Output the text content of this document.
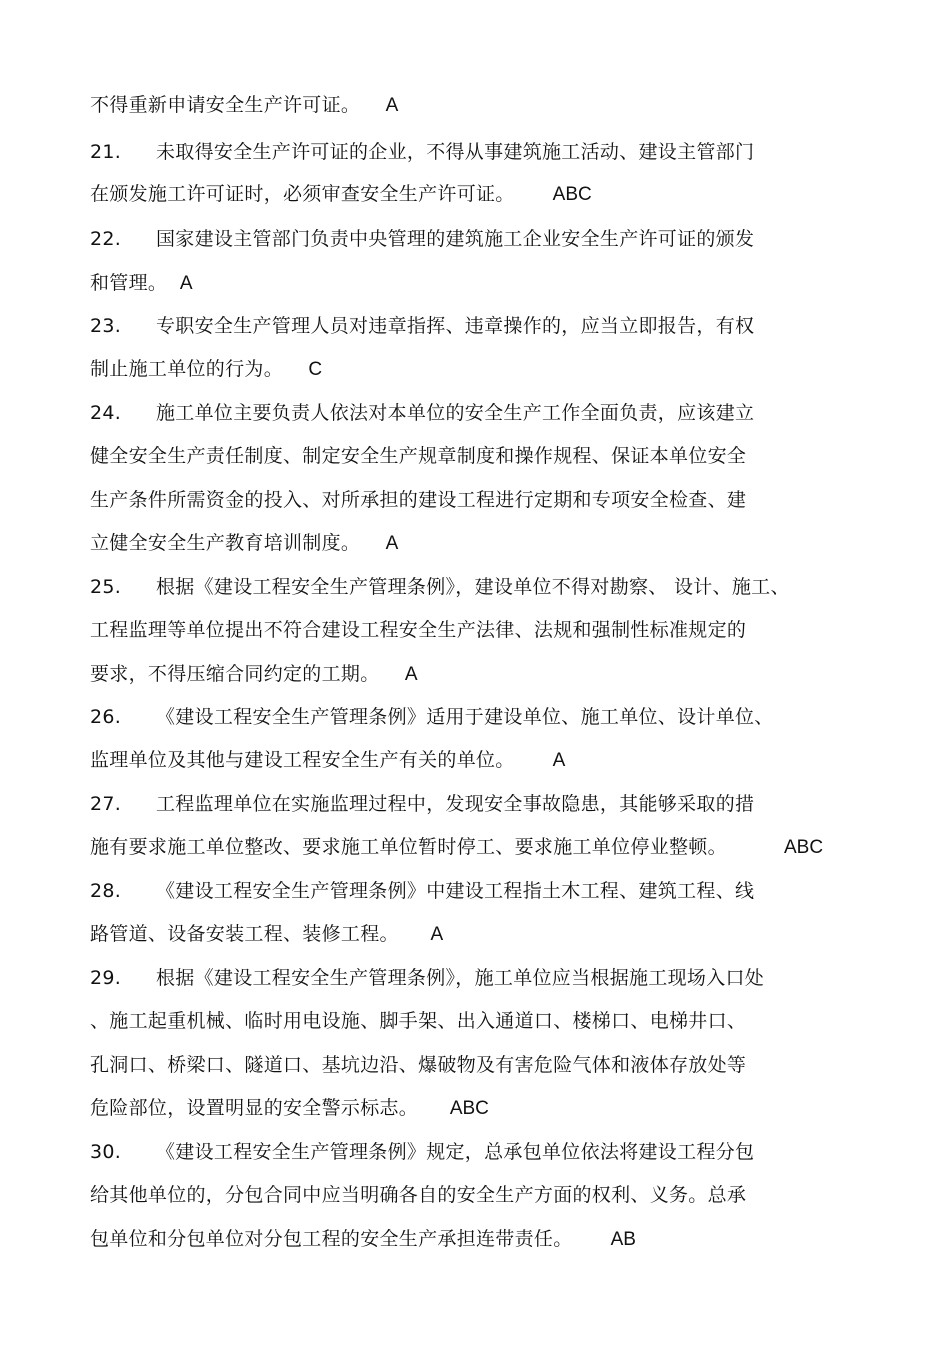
不得重新申请安全生产许可证。 A
21. 未取得安全生产许可证的企业，不得从事建筑施工活动、建设主管部门
在颁发施工许可证时，必须审查安全生产许可证。 ABC
22. 国家建设主管部门负责中央管理的建筑施工企业安全生产许可证的颁发
和管理。 A
23. 专职安全生产管理人员对违章指挥、违章操作的，应当立即报告，有权
制止施工单位的行为。 C
24. 施工单位主要负责人依法对本单位的安全生产工作全面负责，应该建立
健全安全生产责任制度、制定安全生产规章制度和操作规程、保证本单位安全
生产条件所需资金的投入、对所承担的建设工程进行定期和专项安全检查、建
立健全安全生产教育培训制度。 A
25. 根据《建设工程安全生产管理条例》，建设单位不得对勘察、 设计、施工、
工程监理等单位提出不符合建设工程安全生产法律、法规和强制性标准规定的
要求，不得压缩合同约定的工期。 A
26. 《建设工程安全生产管理条例》适用于建设单位、施工单位、设计单位、
监理单位及其他与建设工程安全生产有关的单位。 A
27. 工程监理单位在实施监理过程中，发现安全事故隐患，其能够采取的措
施有要求施工单位整改、要求施工单位暂时停工、要求施工单位停业整顿。	ABC
28. 《建设工程安全生产管理条例》中建设工程指土木工程、建筑工程、线
路管道、设备安装工程、装修工程。 A
29. 根据《建设工程安全生产管理条例》，施工单位应当根据施工现场入口处
、施工起重机械、临时用电设施、脚手架、出入通道口、楼梯口、电梯井口、
孔洞口、桥梁口、隧道口、基坑边沿、爆破物及有害危险气体和液体存放处等
危险部位，设置明显的安全警示标志。 ABC
30. 《建设工程安全生产管理条例》规定，总承包单位依法将建设工程分包
给其他单位的，分包合同中应当明确各自的安全生产方面的权利、义务。总承
包单位和分包单位对分包工程的安全生产承担连带责任。 AB
